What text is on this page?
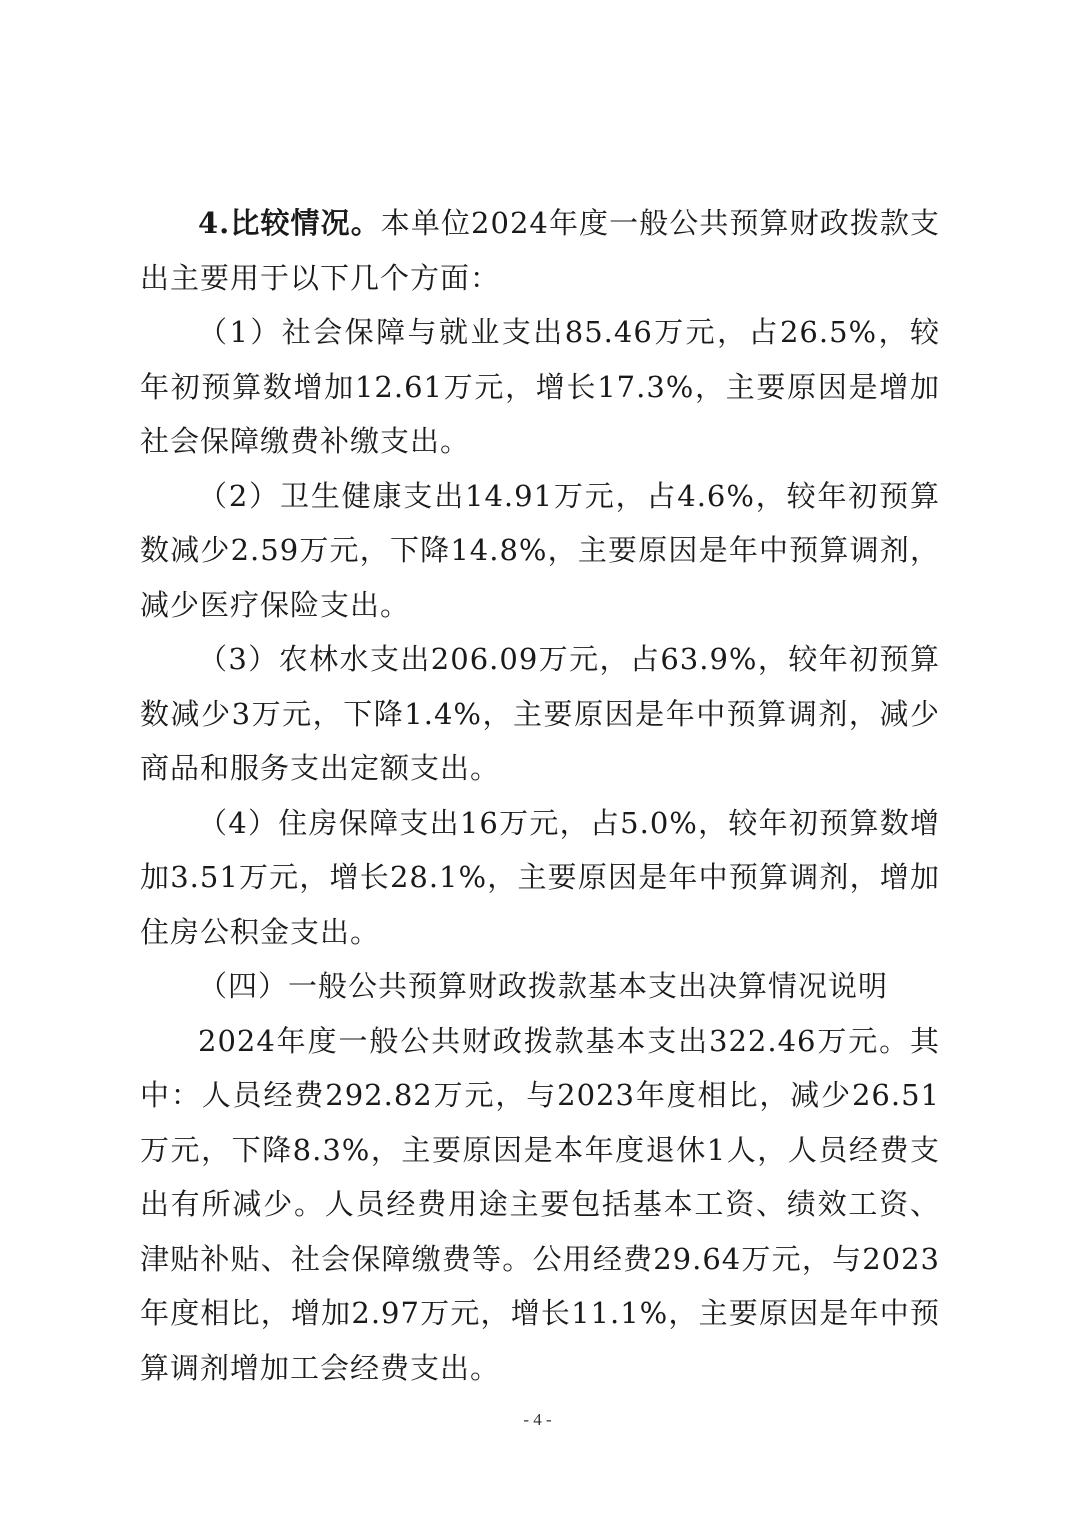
4.比较情况。本单位2024年度一般公共预算财政拨款支出主要用于以下几个方面：

（1）社会保障与就业支出85.46万元，占26.5%，较年初预算数增加12.61万元，增长17.3%，主要原因是增加社会保障缴费补缴支出。

（2）卫生健康支出14.91万元，占4.6%，较年初预算数减少2.59万元，下降14.8%，主要原因是年中预算调剂，减少医疗保险支出。

（3）农林水支出206.09万元，占63.9%，较年初预算数减少3万元，下降1.4%，主要原因是年中预算调剂，减少商品和服务支出定额支出。

（4）住房保障支出16万元，占5.0%，较年初预算数增加3.51万元，增长28.1%，主要原因是年中预算调剂，增加住房公积金支出。

（四）一般公共预算财政拨款基本支出决算情况说明

2024年度一般公共财政拨款基本支出322.46万元。其中：人员经费292.82万元，与2023年度相比，减少26.51万元，下降8.3%，主要原因是本年度退休1人，人员经费支出有所减少。人员经费用途主要包括基本工资、绩效工资、津贴补贴、社会保障缴费等。公用经费29.64万元，与2023年度相比，增加2.97万元，增长11.1%，主要原因是年中预算调剂增加工会经费支出。

- 4 -
